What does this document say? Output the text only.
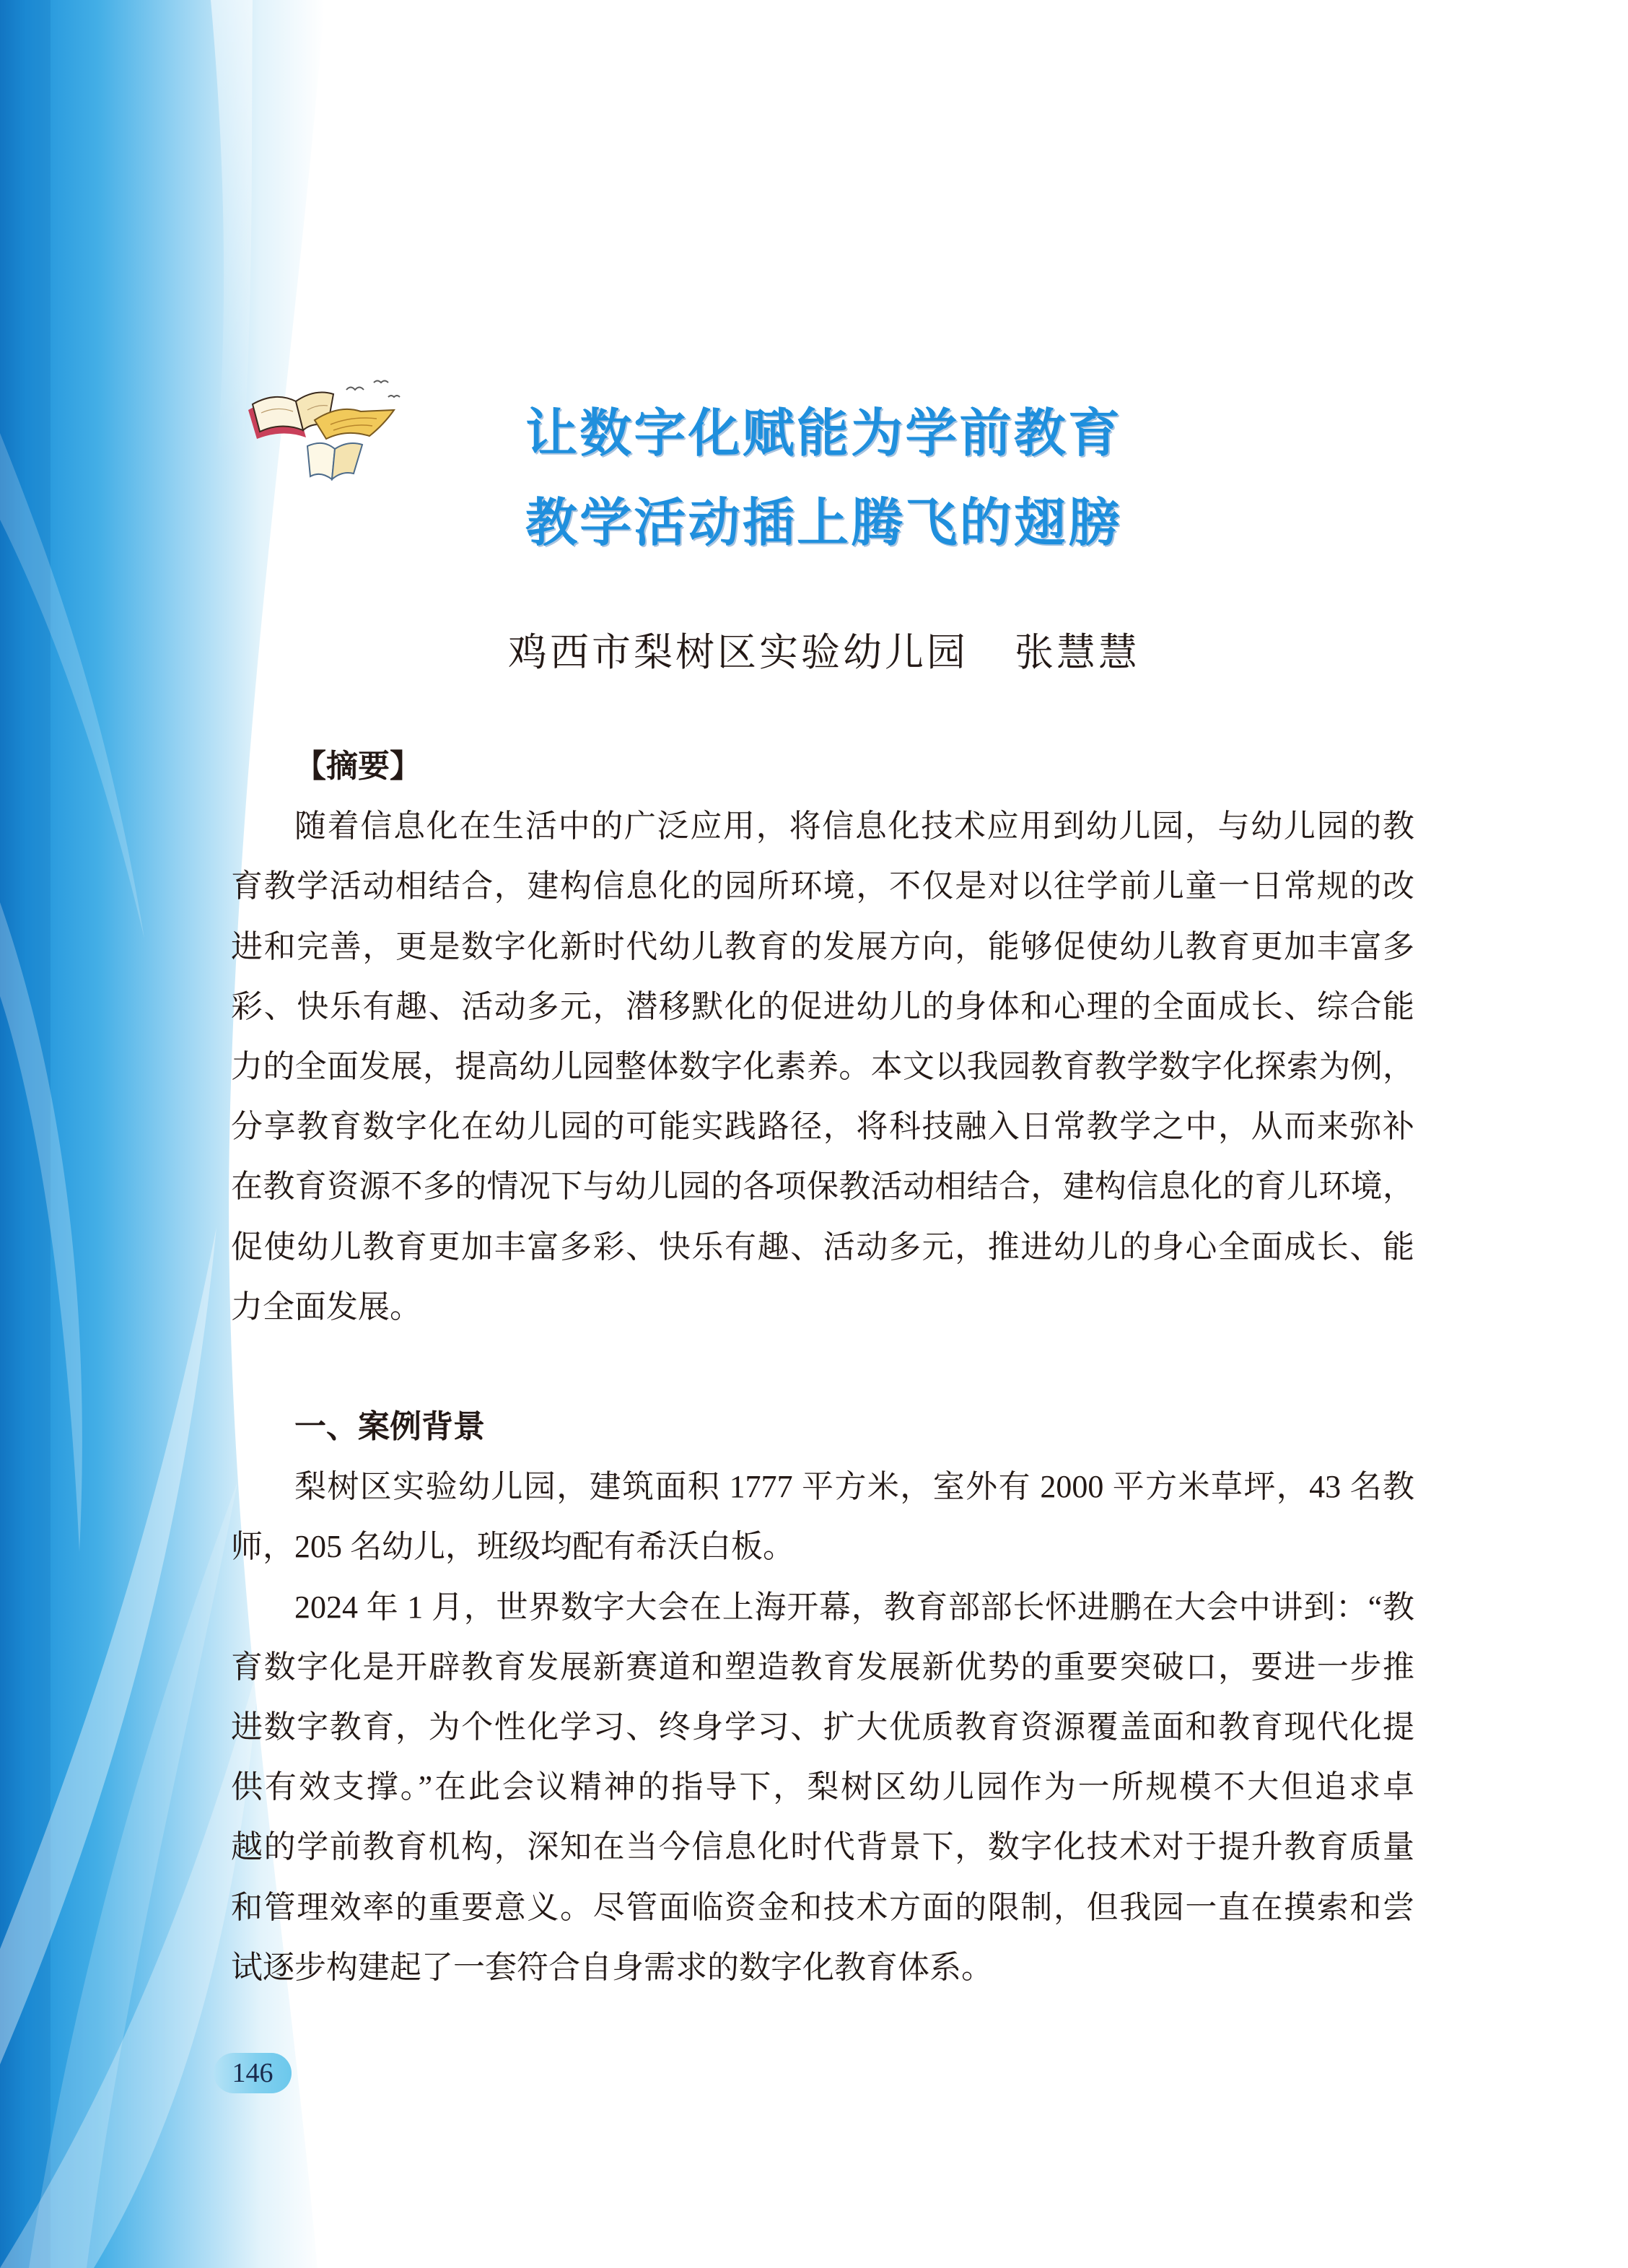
让数字化赋能为学前教育
教学活动插上腾飞的翅膀
鸡西市梨树区实验幼儿园 张慧慧
【摘要】
随着信息化在生活中的广泛应用，将信息化技术应用到幼儿园，与幼儿园的教
育教学活动相结合，建构信息化的园所环境，不仅是对以往学前儿童一日常规的改
进和完善，更是数字化新时代幼儿教育的发展方向，能够促使幼儿教育更加丰富多
彩、快乐有趣、活动多元，潜移默化的促进幼儿的身体和心理的全面成长、综合能
力的全面发展，提高幼儿园整体数字化素养。本文以我园教育教学数字化探索为例，
分享教育数字化在幼儿园的可能实践路径，将科技融入日常教学之中，从而来弥补
在教育资源不多的情况下与幼儿园的各项保教活动相结合，建构信息化的育儿环境，
促使幼儿教育更加丰富多彩、快乐有趣、活动多元，推进幼儿的身心全面成长、能
力全面发展。
一、案例背景
梨树区实验幼儿园，建筑面积 1777 平方米，室外有 2000 平方米草坪，43 名教
师，205 名幼儿，班级均配有希沃白板。
2024 年 1 月，世界数字大会在上海开幕，教育部部长怀进鹏在大会中讲到：“教
育数字化是开辟教育发展新赛道和塑造教育发展新优势的重要突破口，要进一步推
进数字教育，为个性化学习、终身学习、扩大优质教育资源覆盖面和教育现代化提
供有效支撑。”在此会议精神的指导下，梨树区幼儿园作为一所规模不大但追求卓
越的学前教育机构，深知在当今信息化时代背景下，数字化技术对于提升教育质量
和管理效率的重要意义。尽管面临资金和技术方面的限制，但我园一直在摸索和尝
试逐步构建起了一套符合自身需求的数字化教育体系。
146
